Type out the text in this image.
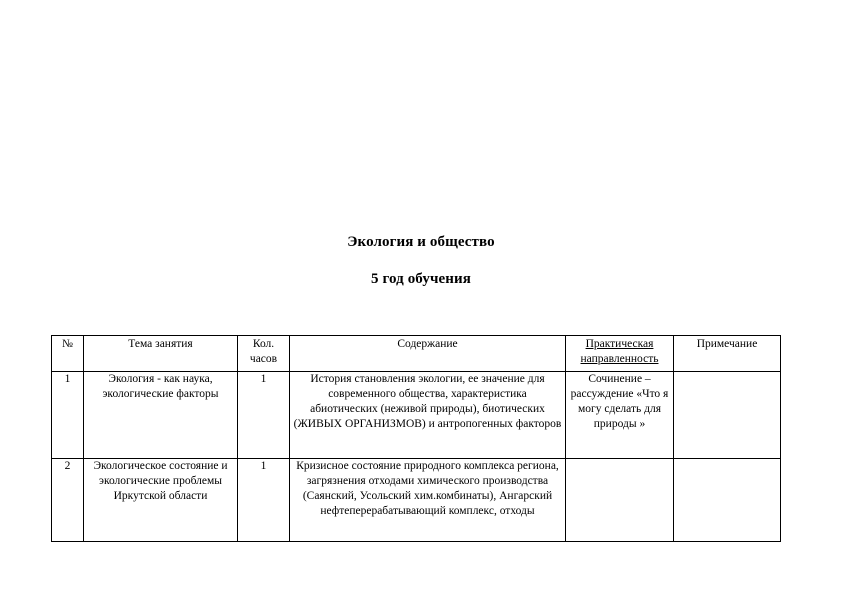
Экология и общество
5 год обучения
№	Тема занятия	Кол. часов	Содержание	Практическая направленность	Примечание
1	Экология - как наука, экологические факторы	1	История становления экологии, ее значение для современного общества, характеристика абиотических (неживой природы), биотических (ЖИВЫХ ОРГАНИЗМОВ) и антропогенных факторов	Сочинение – рассуждение «Что я могу сделать для природы »	
2	Экологическое состояние и экологические проблемы Иркутской области	1	Кризисное состояние природного комплекса региона, загрязнения отходами химического производства (Саянский, Усольский хим.комбинаты), Ангарский нефтеперерабатывающий комплекс, отходы		
